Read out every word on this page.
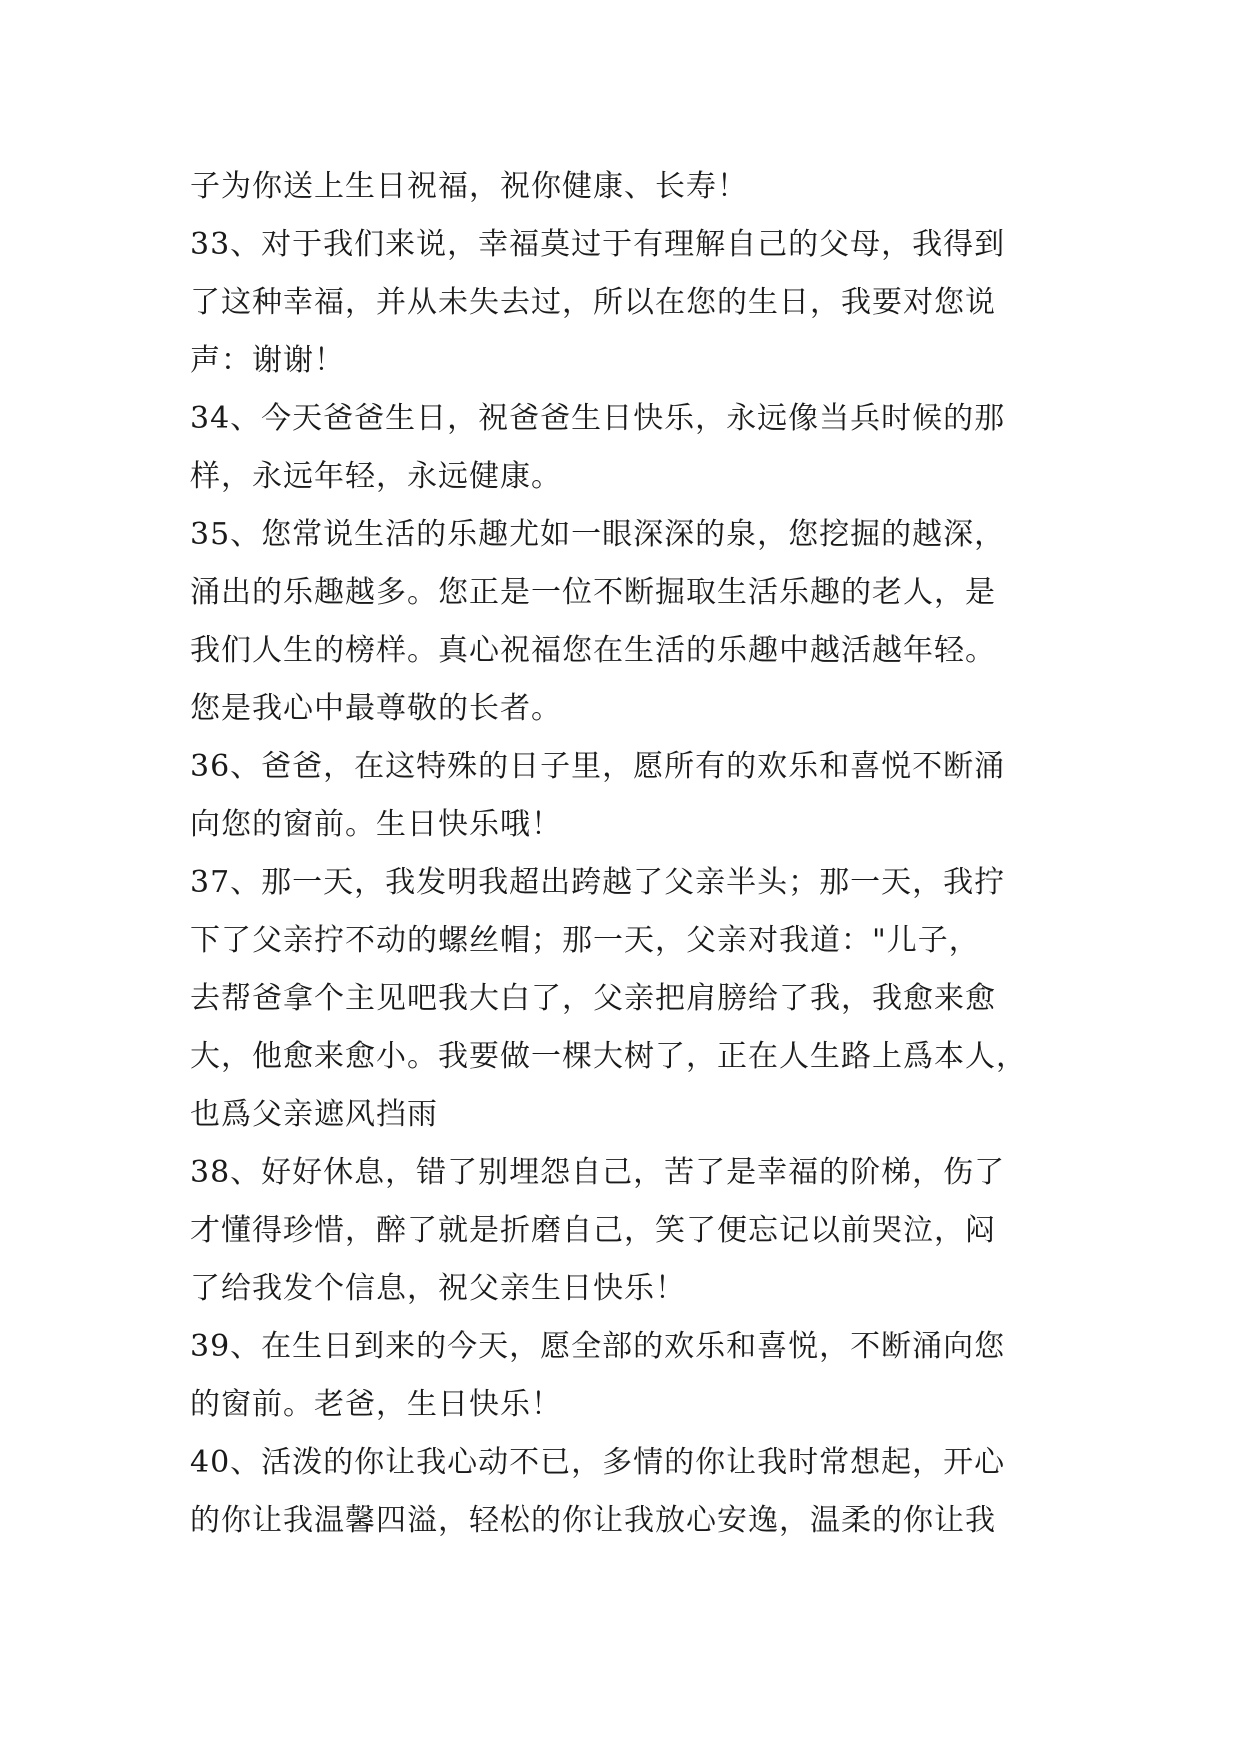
子为你送上生日祝福，祝你健康、长寿！
33、对于我们来说，幸福莫过于有理解自己的父母，我得到
了这种幸福，并从未失去过，所以在您的生日，我要对您说
声：谢谢！
34、今天爸爸生日，祝爸爸生日快乐，永远像当兵时候的那
样，永远年轻，永远健康。
35、您常说生活的乐趣尤如一眼深深的泉，您挖掘的越深，
涌出的乐趣越多。您正是一位不断掘取生活乐趣的老人，是
我们人生的榜样。真心祝福您在生活的乐趣中越活越年轻。
您是我心中最尊敬的长者。
36、爸爸，在这特殊的日子里，愿所有的欢乐和喜悦不断涌
向您的窗前。生日快乐哦！
37、那一天，我发明我超出跨越了父亲半头；那一天，我拧
下了父亲拧不动的螺丝帽；那一天，父亲对我道："儿子，
去帮爸拿个主见吧我大白了，父亲把肩膀给了我，我愈来愈
大，他愈来愈小。我要做一棵大树了，正在人生路上爲本人，
也爲父亲遮风挡雨
38、好好休息，错了别埋怨自己，苦了是幸福的阶梯，伤了
才懂得珍惜，醉了就是折磨自己，笑了便忘记以前哭泣，闷
了给我发个信息，祝父亲生日快乐！
39、在生日到来的今天，愿全部的欢乐和喜悦，不断涌向您
的窗前。老爸，生日快乐！
40、活泼的你让我心动不已，多情的你让我时常想起，开心
的你让我温馨四溢，轻松的你让我放心安逸，温柔的你让我
